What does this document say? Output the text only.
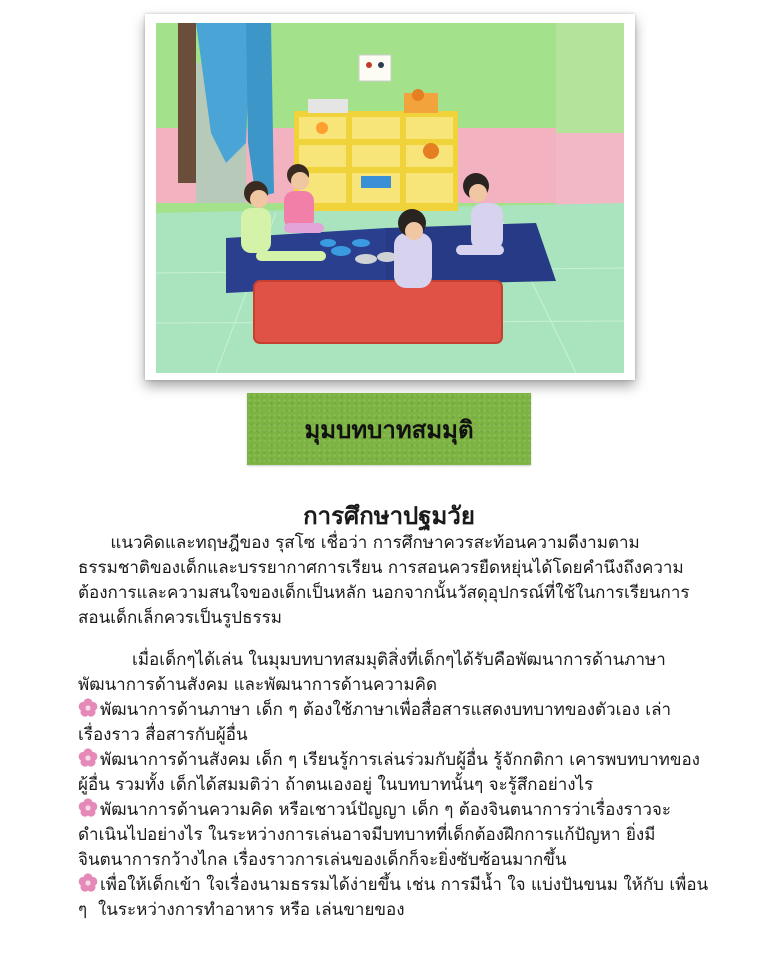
มุมบทบาทสมมุติ
การศึกษาปฐมวัย
แนวคิดและทฤษฎีของ รุสโซ เชื่อว่า การศึกษาควรสะท้อนความดีงามตาม
ธรรมชาติของเด็กและบรรยากาศการเรียน การสอนควรยืดหยุ่นได้โดยคำนึงถึงความ
ต้องการและความสนใจของเด็กเป็นหลัก นอกจากนั้นวัสดุอุปกรณ์ที่ใช้ในการเรียนการ
สอนเด็กเล็กควรเป็นรูปธรรม
เมื่อเด็กๆได้เล่น ในมุมบทบาทสมมุติสิ่งที่เด็กๆได้รับคือพัฒนาการด้านภาษา
พัฒนาการด้านสังคม และพัฒนาการด้านความคิด
พัฒนาการด้านภาษา เด็ก ๆ ต้องใช้ภาษาเพื่อสื่อสารแสดงบทบาทของตัวเอง เล่า
เรื่องราว สื่อสารกับผู้อื่น
พัฒนาการด้านสังคม เด็ก ๆ เรียนรู้การเล่นร่วมกับผู้อื่น รู้จักกติกา เคารพบทบาทของ
ผู้อื่น รวมทั้ง เด็กได้สมมติว่า ถ้าตนเองอยู่ ในบทบาทนั้นๆ จะรู้สึกอย่างไร
พัฒนาการด้านความคิด หรือเชาวน์ปัญญา เด็ก ๆ ต้องจินตนาการว่าเรื่องราวจะ
ดำเนินไปอย่างไร ในระหว่างการเล่นอาจมีบทบาทที่เด็กต้องฝึกการแก้ปัญหา ยิ่งมี
จินตนาการกว้างไกล เรื่องราวการเล่นของเด็กก็จะยิ่งซับซ้อนมากขึ้น
เพื่อให้เด็กเข้า ใจเรื่องนามธรรมได้ง่ายขึ้น เช่น การมีน้ำ ใจ แบ่งปันขนม ให้กับ เพื่อน
ๆ  ในระหว่างการทำอาหาร หรือ เล่นขายของ
